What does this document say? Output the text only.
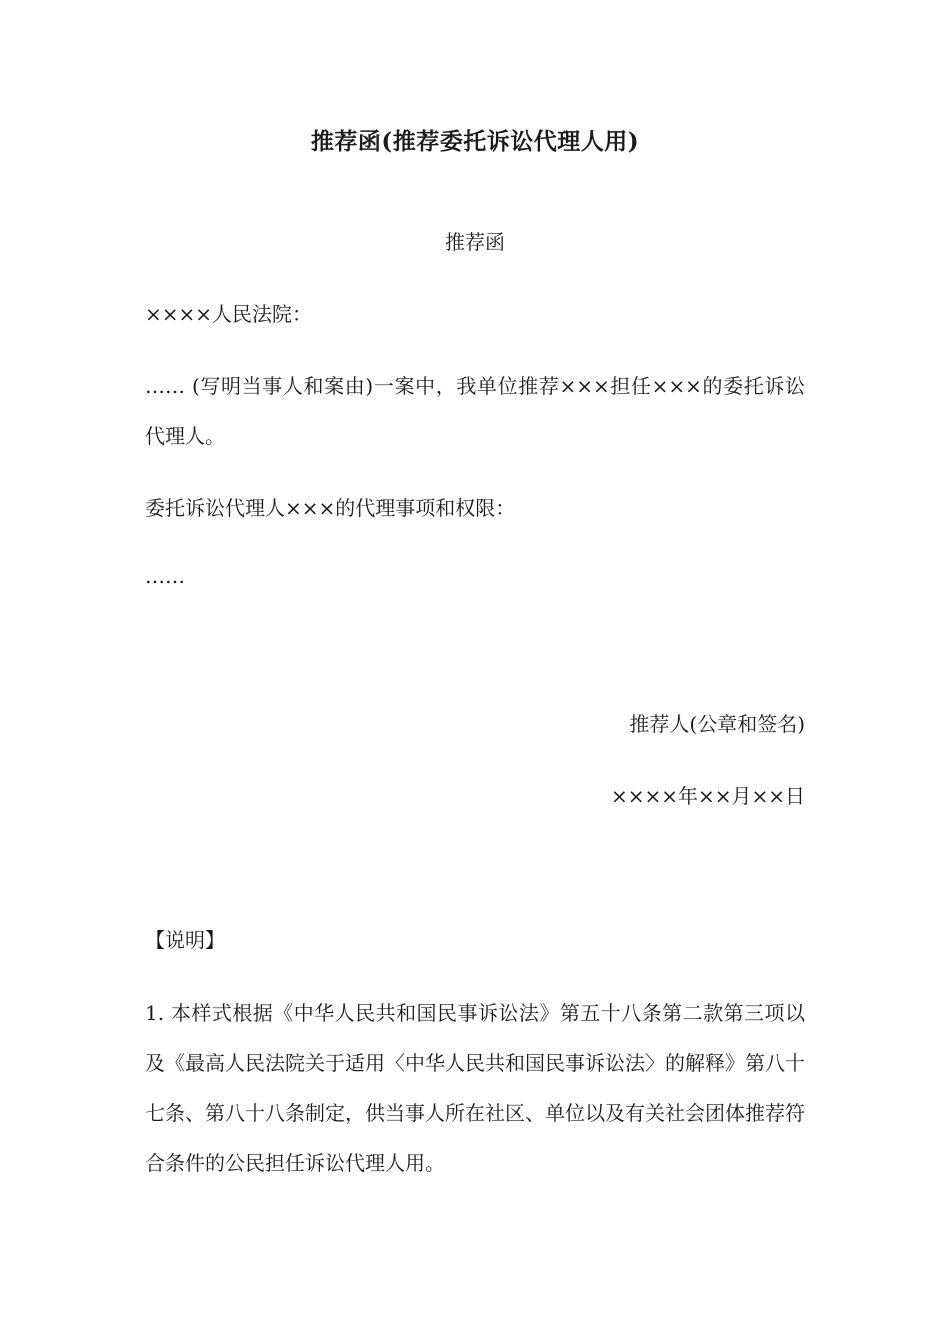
推荐函(推荐委托诉讼代理人用)
推荐函

××××人民法院：

…… (写明当事人和案由)一案中，我单位推荐×××担任×××的委托诉讼代理人。

委托诉讼代理人×××的代理事项和权限：

……

推荐人(公章和签名)
××××年××月××日

【说明】

1. 本样式根据《中华人民共和国民事诉讼法》第五十八条第二款第三项以及《最高人民法院关于适用〈中华人民共和国民事诉讼法〉的解释》第八十七条、第八十八条制定，供当事人所在社区、单位以及有关社会团体推荐符合条件的公民担任诉讼代理人用。
